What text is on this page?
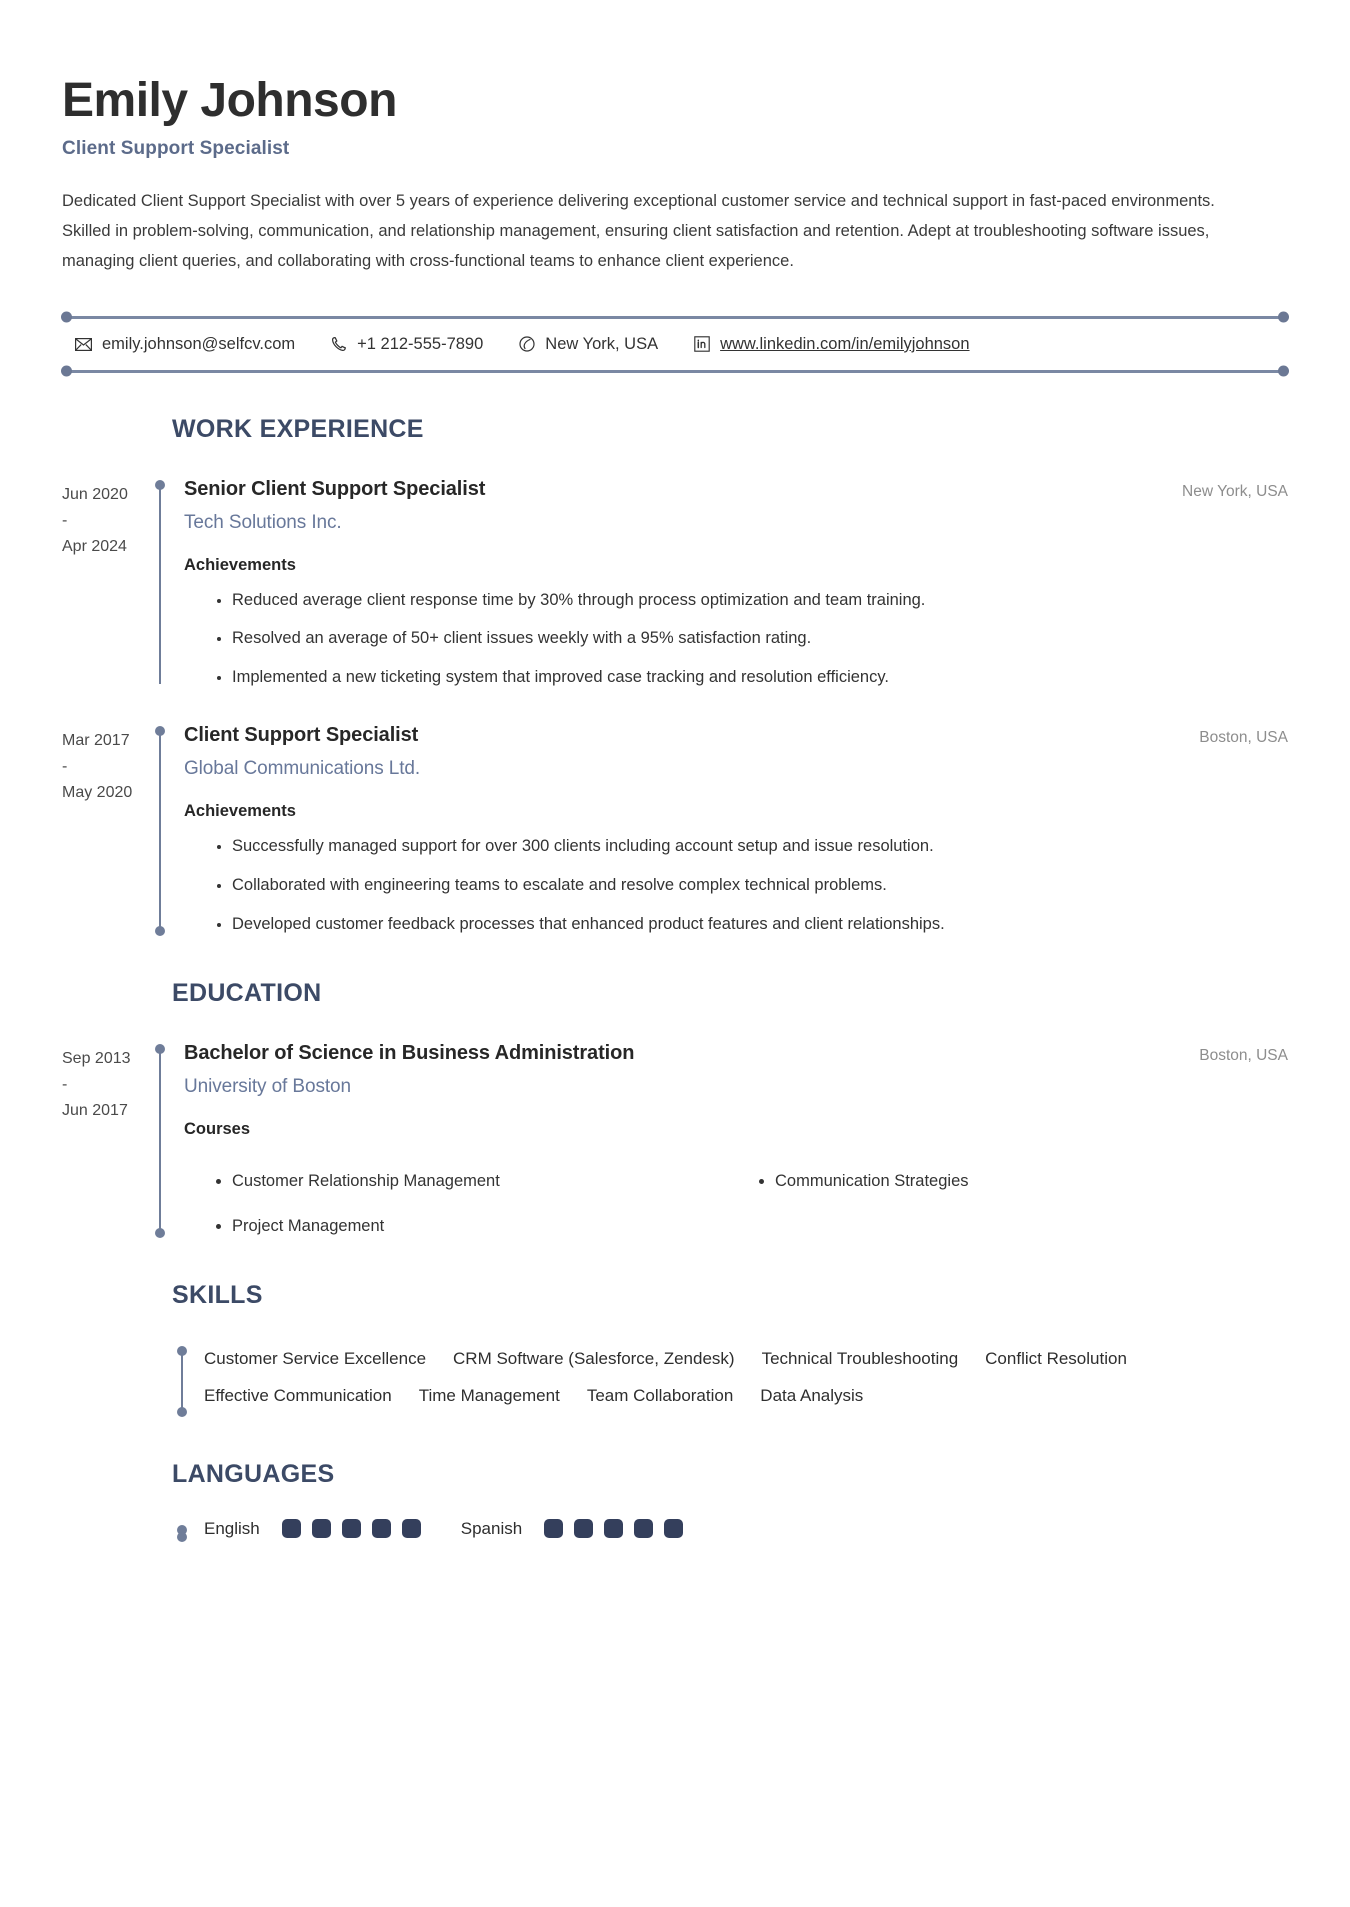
Emily Johnson
Client Support Specialist

Dedicated Client Support Specialist with over 5 years of experience delivering exceptional customer service and technical support in fast-paced environments. Skilled in problem-solving, communication, and relationship management, ensuring client satisfaction and retention. Adept at troubleshooting software issues, managing client queries, and collaborating with cross-functional teams to enhance client experience.

emily.johnson@selfcv.com	+1 212-555-7890	New York, USA	www.linkedin.com/in/emilyjohnson
WORK EXPERIENCE
Jun 2020
-
Apr 2024
Senior Client Support Specialist	New York, USA
Tech Solutions Inc.
Achievements
• Reduced average client response time by 30% through process optimization and team training.
• Resolved an average of 50+ client issues weekly with a 95% satisfaction rating.
• Implemented a new ticketing system that improved case tracking and resolution efficiency.
Mar 2017
-
May 2020
Client Support Specialist	Boston, USA
Global Communications Ltd.
Achievements
• Successfully managed support for over 300 clients including account setup and issue resolution.
• Collaborated with engineering teams to escalate and resolve complex technical problems.
• Developed customer feedback processes that enhanced product features and client relationships.
EDUCATION
Sep 2013
-
Jun 2017
Bachelor of Science in Business Administration	Boston, USA
University of Boston
Courses
• Customer Relationship Management	• Communication Strategies
• Project Management
SKILLS
Customer Service Excellence CRM Software (Salesforce, Zendesk) Technical Troubleshooting Conflict Resolution
Effective Communication Time Management Team Collaboration Data Analysis
LANGUAGES
English	Spanish
